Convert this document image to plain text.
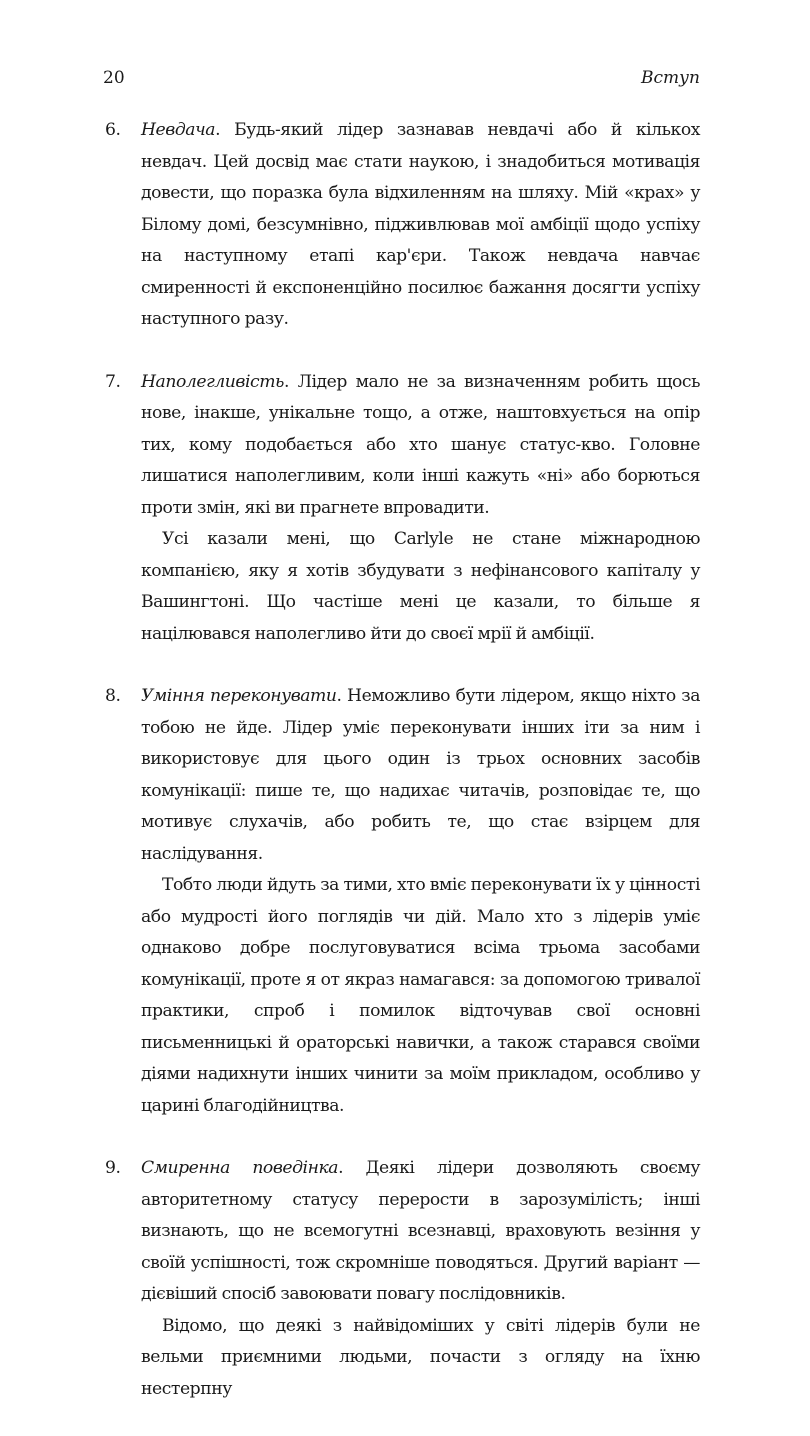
20	Вступ
6.	Невдача. Будь-який лідер зазнавав невдачі або й кількох невдач. Цей досвід має стати наукою, і знадобиться мотивація довести, що поразка була відхиленням на шляху. Мій «крах» у Білому домі, безсумнівно, підживлював мої амбіції щодо успіху на наступному етапі кар'єри. Також невдача навчає смиренності й експоненційно посилює бажання досягти успіху наступного разу.

7.	Наполегливість. Лідер мало не за визначенням робить щось нове, інакше, унікальне тощо, а отже, наштовхується на опір тих, кому подобається або хто шанує статус-кво. Головне лишатися наполегливим, коли інші кажуть «ні» або борються проти змін, які ви прагнете впровадити.

Усі казали мені, що Carlyle не стане міжнародною компанією, яку я хотів збудувати з нефінансового капіталу у Вашингтоні. Що частіше мені це казали, то більше я націлювався наполегливо йти до своєї мрії й амбіції.

8.	Уміння переконувати. Неможливо бути лідером, якщо ніхто за тобою не йде. Лідер уміє переконувати інших іти за ним і використовує для цього один із трьох основних засобів комунікації: пише те, що надихає читачів, розповідає те, що мотивує слухачів, або робить те, що стає взірцем для наслідування.

Тобто люди йдуть за тими, хто вміє переконувати їх у цінності або мудрості його поглядів чи дій. Мало хто з лідерів уміє однаково добре послуговуватися всіма трьома засобами комунікації, проте я от якраз намагався: за допомогою тривалої практики, спроб і помилок відточував свої основні письменницькі й ораторські навички, а також старався своїми діями надихнути інших чинити за моїм прикладом, особливо у царині благодійництва.

9.	Смиренна поведінка. Деякі лідери дозволяють своєму авторитетному статусу перерости в зарозумілість; інші визнають, що не всемогутні всезнавці, враховують везіння у своїй успішності, тож скромніше поводяться. Другий варіант — дієвіший спосіб завоювати повагу послідовників.

Відомо, що деякі з найвідоміших у світі лідерів були не вельми приємними людьми, почасти з огляду на їхню нестерпну
